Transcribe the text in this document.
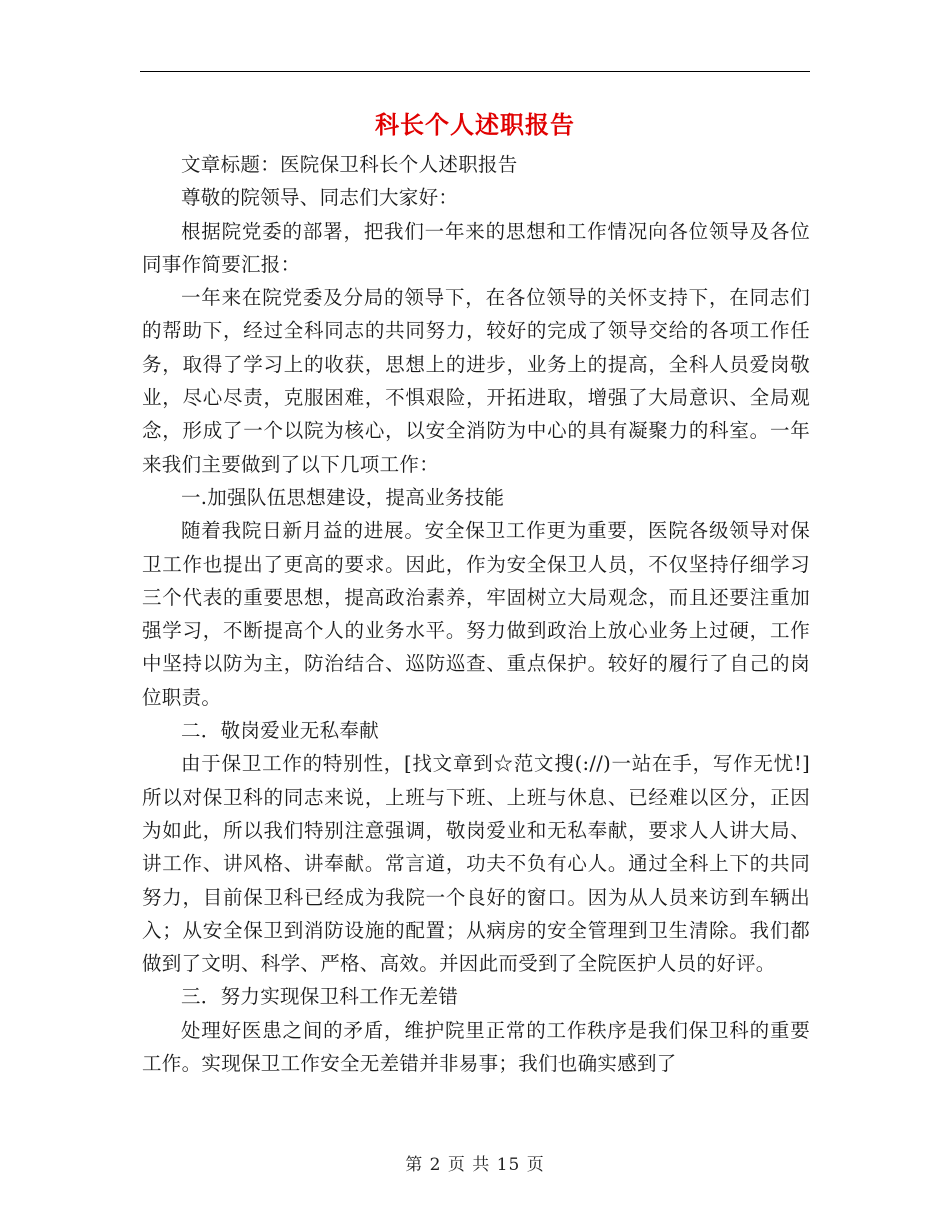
科长个人述职报告

文章标题：医院保卫科长个人述职报告

尊敬的院领导、同志们大家好：

根据院党委的部署，把我们一年来的思想和工作情况向各位领导及各位同事作简要汇报：

一年来在院党委及分局的领导下，在各位领导的关怀支持下，在同志们的帮助下，经过全科同志的共同努力，较好的完成了领导交给的各项工作任务，取得了学习上的收获，思想上的进步，业务上的提高，全科人员爱岗敬业，尽心尽责，克服困难，不惧艰险，开拓进取，增强了大局意识、全局观念，形成了一个以院为核心，以安全消防为中心的具有凝聚力的科室。一年来我们主要做到了以下几项工作：

一.加强队伍思想建设，提高业务技能

随着我院日新月益的进展。安全保卫工作更为重要，医院各级领导对保卫工作也提出了更高的要求。因此，作为安全保卫人员，不仅坚持仔细学习三个代表的重要思想，提高政治素养，牢固树立大局观念，而且还要注重加强学习，不断提高个人的业务水平。努力做到政治上放心业务上过硬，工作中坚持以防为主，防治结合、巡防巡查、重点保护。较好的履行了自己的岗位职责。

二．敬岗爱业无私奉献

由于保卫工作的特别性，[找文章到☆范文搜(://)一站在手，写作无忧!]所以对保卫科的同志来说，上班与下班、上班与休息、已经难以区分，正因为如此，所以我们特别注意强调，敬岗爱业和无私奉献，要求人人讲大局、讲工作、讲风格、讲奉献。常言道，功夫不负有心人。通过全科上下的共同努力，目前保卫科已经成为我院一个良好的窗口。因为从人员来访到车辆出入；从安全保卫到消防设施的配置；从病房的安全管理到卫生清除。我们都做到了文明、科学、严格、高效。并因此而受到了全院医护人员的好评。

三．努力实现保卫科工作无差错

处理好医患之间的矛盾，维护院里正常的工作秩序是我们保卫科的重要工作。实现保卫工作安全无差错并非易事；我们也确实感到了

第 2 页 共 15 页
